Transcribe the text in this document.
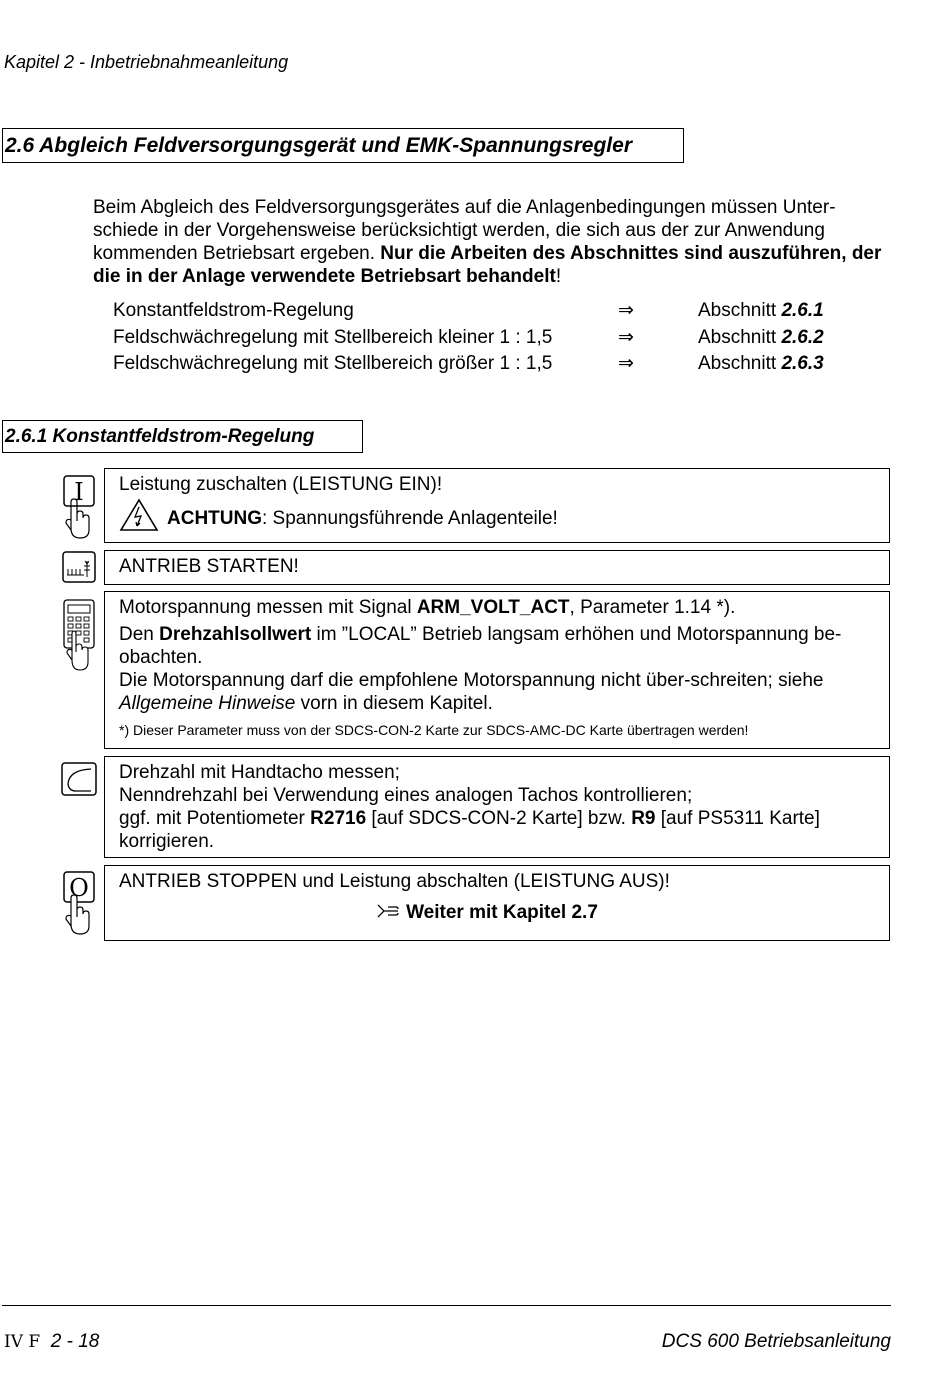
Kapitel 2 - Inbetriebnahmeanleitung
2.6 Abgleich Feldversorgungsgerät und EMK-Spannungsregler
Beim Abgleich des Feldversorgungsgerätes auf die Anlagenbedingungen müssen Unter-schiede in der Vorgehensweise berücksichtigt werden, die sich aus der zur Anwendung kommenden Betriebsart ergeben. Nur die Arbeiten des Abschnittes sind auszuführen, der die in der Anlage verwendete Betriebsart behandelt!
Konstantfeldstrom-Regelung	⇒	Abschnitt 2.6.1
Feldschwächregelung mit Stellbereich kleiner 1 : 1,5	⇒	Abschnitt 2.6.2
Feldschwächregelung mit Stellbereich größer 1 : 1,5	⇒	Abschnitt 2.6.3
2.6.1 Konstantfeldstrom-Regelung
I Leistung zuschalten (LEISTUNG EIN)!
ACHTUNG: Spannungsführende Anlagenteile!
ANTRIEB STARTEN!
Motorspannung messen mit Signal ARM_VOLT_ACT, Parameter 1.14 *).
Den Drehzahlsollwert im ”LOCAL” Betrieb langsam erhöhen und Motorspannung be-obachten.
Die Motorspannung darf die empfohlene Motorspannung nicht über-schreiten; siehe Allgemeine Hinweise vorn in diesem Kapitel.
*) Dieser Parameter muss von der SDCS-CON-2 Karte zur SDCS-AMC-DC Karte übertragen werden!
Drehzahl mit Handtacho messen;
Nenndrehzahl bei Verwendung eines analogen Tachos kontrollieren;
ggf. mit Potentiometer R2716 [auf SDCS-CON-2 Karte] bzw. R9 [auf PS5311 Karte]
korrigieren.
O ANTRIEB STOPPEN und Leistung abschalten (LEISTUNG AUS)!
Weiter mit Kapitel 2.7
IV F 2 - 18	DCS 600 Betriebsanleitung
